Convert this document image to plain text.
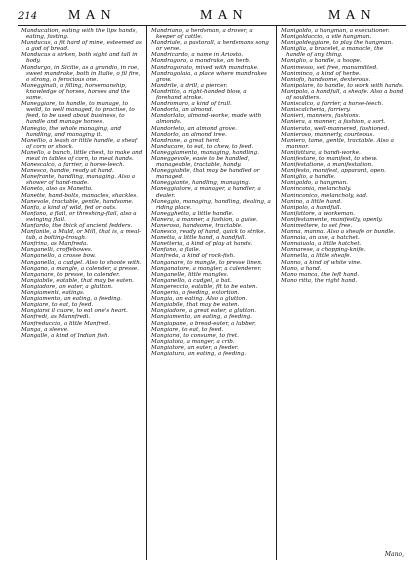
214 MAN	MAN	MAN

Manducation, eating with the lips hands, eating, fasting.

Manducus, a fit hard of mine, esteemed as a god of bread.

Manducus a sirken, both sight and tall in body.

Mandurgo, in Sicilie, as a grandio, in roe, sweet mandrake, both in Italie, o fil fire, o strong, o ferocious one.

Manegginali, o filling, horsemanship, knowledge of horses, horses and the same.

Maneggiare, to handle, to manage, to weild, to well managed, to practise, to feed, to be used about business, to handle and manage horses.

Manegio, the whole managing, and handling, and managing it.

Manellio, a leash or little handle, a sheaf of corn or shock.

Manello, a bunch, little chest, to make and meat in tables of corn, to meat hands.

Manescalco, a farrier, a horse-leech.

Manesco, handie, ready at hand.

Manefrante, handling, managing. Also a shower of hand-made.

Maneto, also as Manetto.

Manette, hand-bolts, manacles, shackles.

Manevole, tractable, gentle, handsome.

Manfa, a kind of wild, fed or oats.

Manfano, a flail, or threshing-flail, also a swinging flail.

Manfardo, the thick of ancient fedders.

Manfanile, a Muld, or Mill, that is, a meal-tub, a bolting-trough.

Manfrina, as Manfreda.

Manganelli, croffebowes.

Manganello, a crosse bow.

Manganella, a cudgel. Also to shoote with.

Mangano, a mangle, a calender, a presse.

Manganare, to presse, to calender.

Mangiabile, eatable, that may be eaten.

Mangiadore, an eater, a glutton.

Mangiamenti, eatings.

Mangiamento, an eating, a feeding.

Mangiare, to eat, to feed.

Mangiarsi il cuore, to eat one's heart.

Manfredi, as Mannfredi.

Manfreduccio, a little Manfred.

Manga, a sleeve.

Mangalle, a kind of Indian fish.

Mandriano, a herdsman, a drover, a keeper of cattle.

Mandriale, a pastorall, a herdsmans song or verse.

Mandricardo, a name in Ariosto.

Mandragora, a mandrake, an herb.

Mandragorato, mixed with mandrake.

Mandragolaia, a place where mandrakes grow.

Mandrile, a drill, a piercer.

Mandritto, a right-handed blow, a forehand stroke.

Mandromaro, a kind of trull.

Mandorla, an almond.

Mandorlato, almond-worke, made with almonds.

Mandorleto, an almond grove.

Mandorlo, an almond tree.

Mandrone, a great herd.

Manducare, to eat, to chew, to feed.

Maneggiamento, managing, handling.

Maneggevole, easie to be handled, manageable, tractable, handy.

Maneggiabile, that may be handled or managed.

Maneggiante, handling, managing.

Maneggiatore, a manager, a handler, a dealer.

Maneggio, managing, handling, dealing, a riding place.

Manegghetto, a little handle.

Manera, a manner, a fashion, a guise.

Maneroso, handsome, tractable.

Manesco, ready of hand, quick to strike.

Manetta, a little hand, a handfull.

Manetteria, a kind of play at hands.

Manfano, a flaile.

Manfreda, a kind of rock-fish.

Manganare, to mangle, to presse linen.

Manganatore, a mangler, a calenderer.

Manganelle, little mangles.

Manganello, a cudgel, a bat.

Mangereccio, eatable, fit to be eaten.

Mangeria, a feeding, extortion.

Mangia, an eating. Also a glutton.

Mangiabile, that may be eaten.

Mangiadore, a great eater, a glutton.

Mangiamento, an eating, a feeding.

Mangiapane, a bread-eater, a lubber.

Mangiare, to eat, to feed.

Mangiarsi, to consume, to fret.

Mangiatoia, a manger, a crib.

Mangiatore, an eater, a feeder.

Mangiatura, an eating, a feeding.

Manigoldo, a hangman, a executioner.

Manigoldaccio, a vile hangman.

Manigoldeggiare, to play the hangman.

Maniglia, a bracelet, a manacle, the handle of any thing.

Maniglio, a handle, a hoope.

Manimesso, set free, manumitted.

Maniminco, a kind of herbe.

Maniofo, handsome, dexterous.

Manipolare, to handle, to work with hands.

Manipolo, a handfull, a sheafe. Also a band of souldiers.

Maniscalco, a farrier, a horse-leech.

Maniscalcheria, farriery.

Manieri, manners, fashions.

Maniera, a manner, a fashion, a sort.

Manierato, well-mannered, fashioned.

Manieroso, mannerly, courteous.

Maniero, tame, gentle, tractable. Also a mannor.

Manifattura, a handi-worke.

Manifestare, to manifest, to shew.

Manifestatione, a manifestation.

Manifesto, manifest, apparant, open.

Maniglio, a handle.

Manigoldo, a hangman.

Maninconia, melancholy.

Maninconico, melancholy, sad.

Manino, a little hand.

Manipolo, a handfull.

Manifattore, a workeman.

Manifestamente, manifestly, openly.

Manimettere, to set free.

Manna, manna. Also a sheafe or bundle.

Mannaia, an axe, a hatchet.

Mannaiuola, a little hatchet.

Mannarese, a chopping-knife.

Mannella, a little sheafe.

Manno, a kind of white vine.

Mano, a hand.

Mano manca, the left hand.

Mano ritta, the right hand.

Mano,
